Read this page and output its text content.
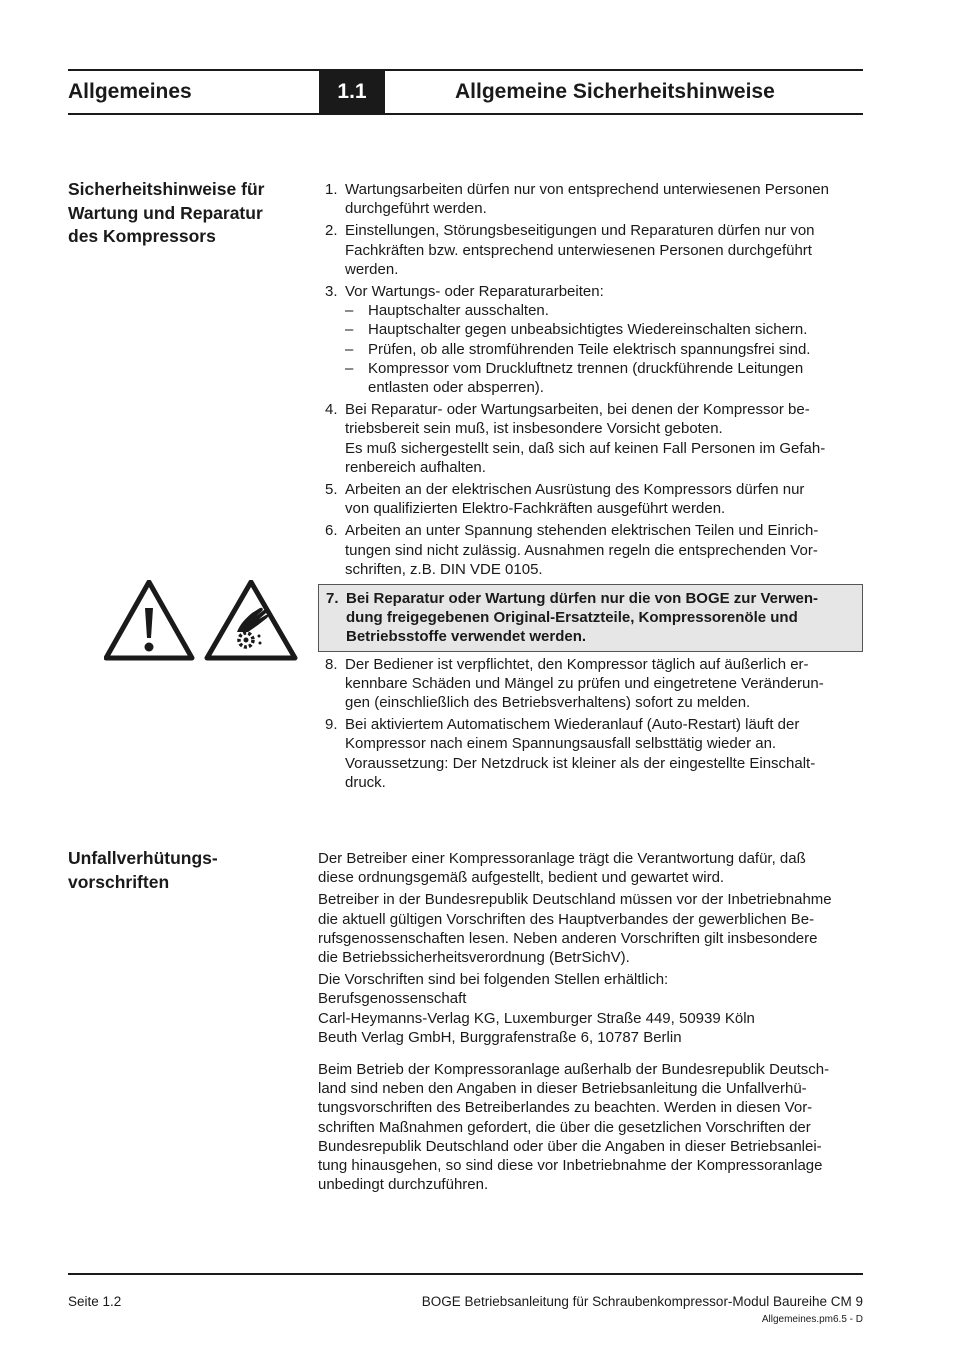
Allgemeines	1.1	Allgemeine Sicherheitshinweise
Sicherheitshinweise für
Wartung und Reparatur
des Kompressors
1. Wartungsarbeiten dürfen nur von entsprechend unterwiesenen Personen
durchgeführt werden.
2. Einstellungen, Störungsbeseitigungen und Reparaturen dürfen nur von
Fachkräften bzw. entsprechend unterwiesenen Personen durchgeführt
werden.
3. Vor Wartungs- oder Reparaturarbeiten:
– Hauptschalter ausschalten.
– Hauptschalter gegen unbeabsichtigtes Wiedereinschalten sichern.
– Prüfen, ob alle stromführenden Teile elektrisch spannungsfrei sind.
– Kompressor vom Druckluftnetz trennen (druckführende Leitungen
entlasten oder absperren).
4. Bei Reparatur- oder Wartungsarbeiten, bei denen der Kompressor be-
triebsbereit sein muß, ist insbesondere Vorsicht geboten.
Es muß sichergestellt sein, daß sich auf keinen Fall Personen im Gefah-
renbereich aufhalten.
5. Arbeiten an der elektrischen Ausrüstung des Kompressors dürfen nur
von qualifizierten Elektro-Fachkräften ausgeführt werden.
6. Arbeiten an unter Spannung stehenden elektrischen Teilen und Einrich-
tungen sind nicht zulässig. Ausnahmen regeln die entsprechenden Vor-
schriften, z.B. DIN VDE 0105.
7. Bei Reparatur oder Wartung dürfen nur die von BOGE zur Verwen-
dung freigegebenen Original-Ersatzteile, Kompressorenöle und
Betriebsstoffe verwendet werden.
8. Der Bediener ist verpflichtet, den Kompressor täglich auf äußerlich er-
kennbare Schäden und Mängel zu prüfen und eingetretene Veränderun-
gen (einschließlich des Betriebsverhaltens) sofort zu melden.
9. Bei aktiviertem Automatischem Wiederanlauf (Auto-Restart) läuft der
Kompressor nach einem Spannungsausfall selbsttätig wieder an.
Voraussetzung: Der Netzdruck ist kleiner als der eingestellte Einschalt-
druck.
Unfallverhütungs-
vorschriften
Der Betreiber einer Kompressoranlage trägt die Verantwortung dafür, daß
diese ordnungsgemäß aufgestellt, bedient und gewartet wird.
Betreiber in der Bundesrepublik Deutschland müssen vor der Inbetriebnahme
die aktuell gültigen Vorschriften des Hauptverbandes der gewerblichen Be-
rufsgenossenschaften lesen. Neben anderen Vorschriften gilt insbesondere
die Betriebssicherheitsverordnung (BetrSichV).
Die Vorschriften sind bei folgenden Stellen erhältlich:
Berufsgenossenschaft
Carl-Heymanns-Verlag KG, Luxemburger Straße 449, 50939 Köln
Beuth Verlag GmbH, Burggrafenstraße 6, 10787 Berlin
Beim Betrieb der Kompressoranlage außerhalb der Bundesrepublik Deutsch-
land sind neben den Angaben in dieser Betriebsanleitung die Unfallverhü-
tungsvorschriften des Betreiberlandes zu beachten. Werden in diesen Vor-
schriften Maßnahmen gefordert, die über die gesetzlichen Vorschriften der
Bundesrepublik Deutschland oder über die Angaben in dieser Betriebsanlei-
tung hinausgehen, so sind diese vor Inbetriebnahme der Kompressoranlage
unbedingt durchzuführen.
Seite 1.2	BOGE Betriebsanleitung für Schraubenkompressor-Modul Baureihe CM 9
Allgemeines.pm6.5 - D
